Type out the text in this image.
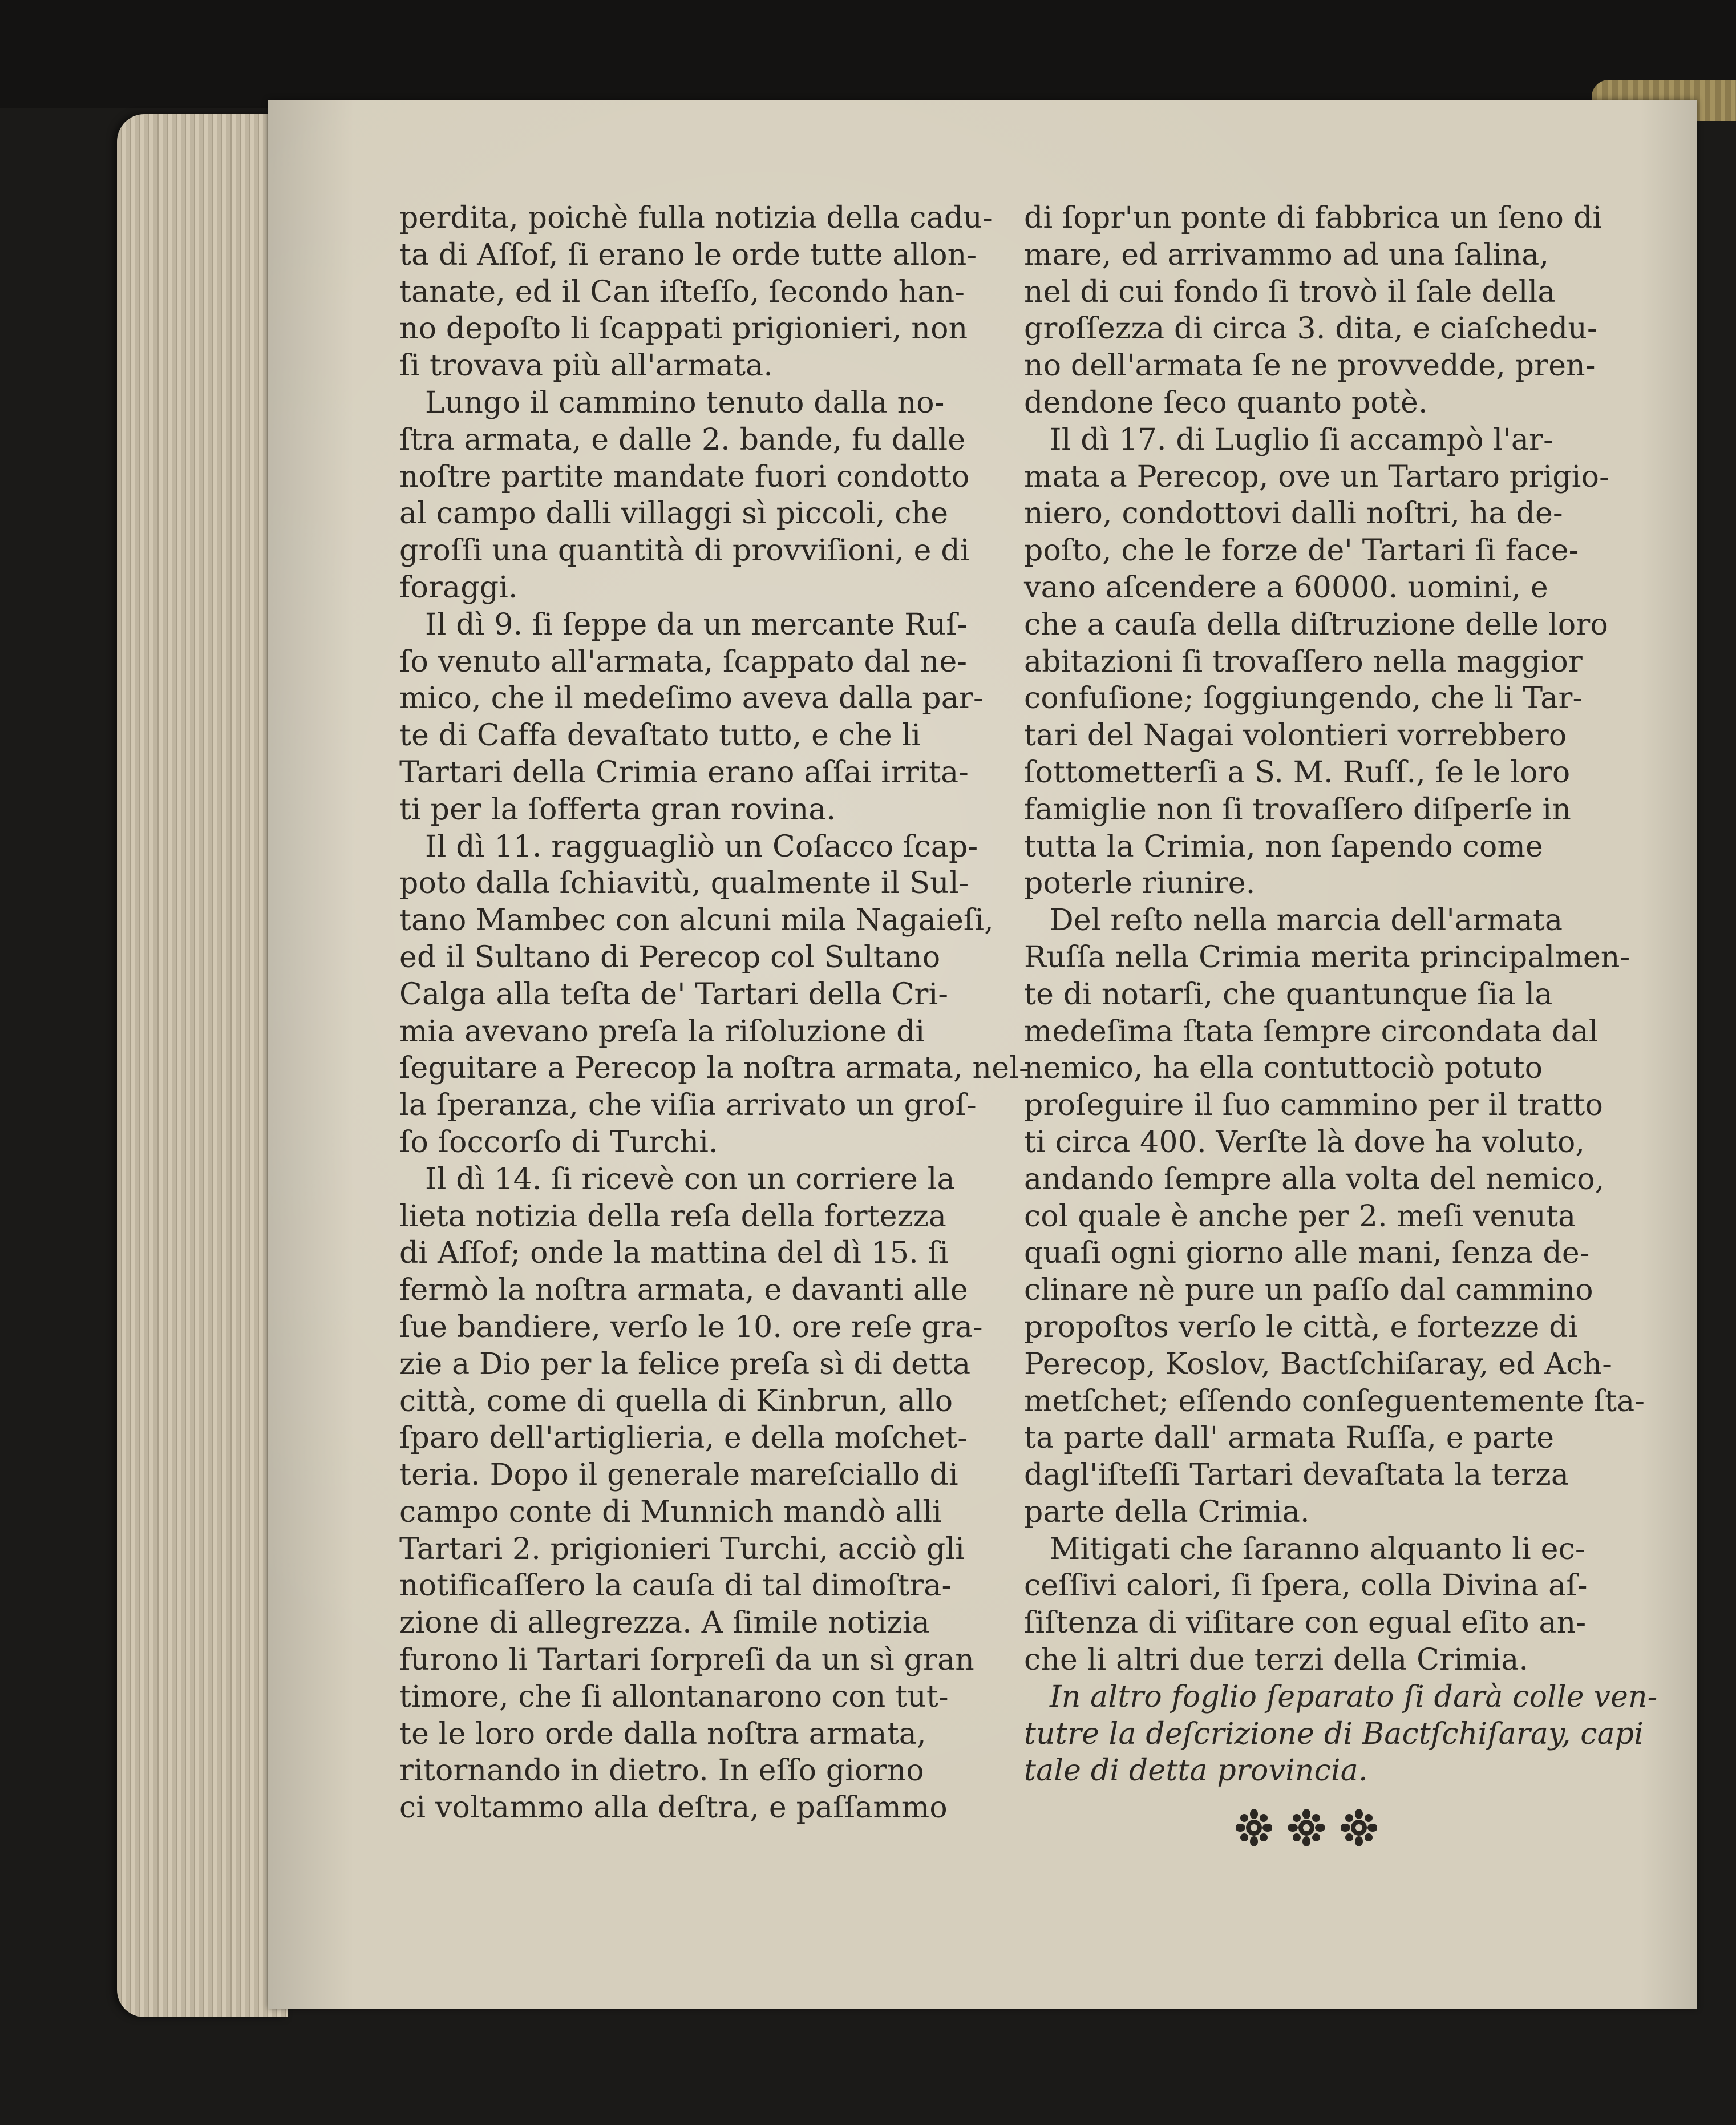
perdita, poichè fulla notizia della cadu-
ta di Aſſof, ſi erano le orde tutte allon-
tanate, ed il Can iſteſſo, ſecondo han-
no depoſto li ſcappati prigionieri, non
ſi trovava più all'armata.
Lungo il cammino tenuto dalla no-
ſtra armata, e dalle 2. bande, fu dalle
noſtre partite mandate fuori condotto
al campo dalli villaggi sì piccoli, che
groſſi una quantità di provviſioni, e di
foraggi.
Il dì 9. ſi ſeppe da un mercante Ruſ-
ſo venuto all'armata, ſcappato dal ne-
mico, che il medeſimo aveva dalla par-
te di Caffa devaſtato tutto, e che li
Tartari della Crimia erano aſſai irrita-
ti per la ſofferta gran rovina.
Il dì 11. ragguagliò un Coſacco ſcap-
poto dalla ſchiavitù, qualmente il Sul-
tano Mambec con alcuni mila Nagaieſi,
ed il Sultano di Perecop col Sultano
Calga alla teſta de' Tartari della Cri-
mia avevano preſa la riſoluzione di
ſeguitare a Perecop la noſtra armata, nel-
la ſperanza, che viſia arrivato un groſ-
ſo ſoccorſo di Turchi.
Il dì 14. ſi ricevè con un corriere la
lieta notizia della reſa della fortezza
di Aſſof; onde la mattina del dì 15. ſi
fermò la noſtra armata, e davanti alle
ſue bandiere, verſo le 10. ore reſe gra-
zie a Dio per la felice preſa sì di detta
città, come di quella di Kinbrun, allo
ſparo dell'artiglieria, e della moſchet-
teria. Dopo il generale mareſciallo di
campo conte di Munnich mandò alli
Tartari 2. prigionieri Turchi, acciò gli
notificaſſero la cauſa di tal dimoſtra-
zione di allegrezza. A ſimile notizia
furono li Tartari ſorpreſi da un sì gran
timore, che ſi allontanarono con tut-
te le loro orde dalla noſtra armata,
ritornando in dietro. In eſſo giorno
ci voltammo alla deſtra, e paſſammo
di ſopr'un ponte di fabbrica un ſeno di
mare, ed arrivammo ad una ſalina,
nel di cui fondo ſi trovò il ſale della
groſſezza di circa 3. dita, e ciaſchedu-
no dell'armata ſe ne provvedde, pren-
dendone ſeco quanto potè.
Il dì 17. di Luglio ſi accampò l'ar-
mata a Perecop, ove un Tartaro prigio-
niero, condottovi dalli noſtri, ha de-
poſto, che le forze de' Tartari ſi face-
vano aſcendere a 60000. uomini, e
che a cauſa della diſtruzione delle loro
abitazioni ſi trovaſſero nella maggior
confuſione; ſoggiungendo, che li Tar-
tari del Nagai volontieri vorrebbero
ſottometterſi a S. M. Ruſſ., ſe le loro
famiglie non ſi trovaſſero diſperſe in
tutta la Crimia, non ſapendo come
poterle riunire.
Del reſto nella marcia dell'armata
Ruſſa nella Crimia merita principalmen-
te di notarſi, che quantunque ſia la
medeſima ſtata ſempre circondata dal
nemico, ha ella contuttociò potuto
proſeguire il ſuo cammino per il tratto
ti circa 400. Verſte là dove ha voluto,
andando ſempre alla volta del nemico,
col quale è anche per 2. meſi venuta
quaſi ogni giorno alle mani, ſenza de-
clinare nè pure un paſſo dal cammino
propoſtos verſo le città, e fortezze di
Perecop, Koslov, Bactſchiſaray, ed Ach-
metſchet; eſſendo conſeguentemente ſta-
ta parte dall' armata Ruſſa, e parte
dagl'iſteſſi Tartari devaſtata la terza
parte della Crimia.
Mitigati che ſaranno alquanto li ec-
ceſſivi calori, ſi ſpera, colla Divina aſ-
ſiſtenza di viſitare con egual eſito an-
che li altri due terzi della Crimia.
In altro foglio ſeparato ſi darà colle ven-
tutre la deſcrizione di Bactſchiſaray, capi
tale di detta provincia.
